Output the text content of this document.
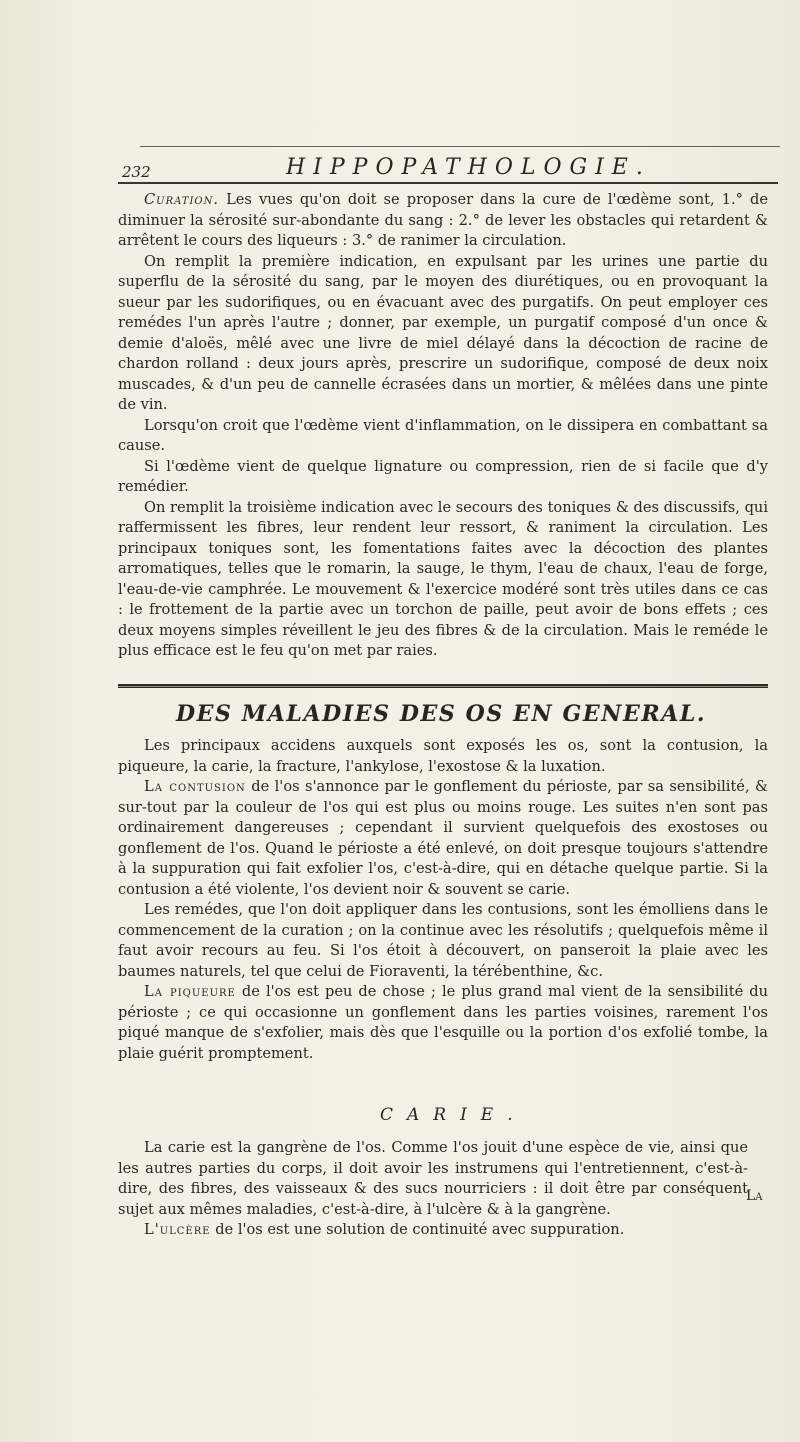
232	HIPPOPATHOLOGIE.

Curation. Les vues qu'on doit se proposer dans la cure de l'œdème sont, 1.° de diminuer la sérosité sur-abondante du sang : 2.° de lever les obstacles qui retardent & arrêtent le cours des liqueurs : 3.° de ranimer la circulation.

On remplit la première indication, en expulsant par les urines une partie du superflu de la sérosité du sang, par le moyen des diurétiques, ou en provoquant la sueur par les sudorifiques, ou en évacuant avec des purgatifs. On peut employer ces remédes l'un après l'autre ; donner, par exemple, un purgatif composé d'un once & demie d'aloës, mêlé avec une livre de miel délayé dans la décoction de racine de chardon rolland : deux jours après, prescrire un sudorifique, composé de deux noix muscades, & d'un peu de cannelle écrasées dans un mortier, & mêlées dans une pinte de vin.

Lorsqu'on croit que l'œdème vient d'inflammation, on le dissipera en combattant sa cause.

Si l'œdème vient de quelque lignature ou compression, rien de si facile que d'y remédier.

On remplit la troisième indication avec le secours des toniques & des discussifs, qui raffermissent les fibres, leur rendent leur ressort, & raniment la circulation. Les principaux toniques sont, les fomentations faites avec la décoction des plantes arromatiques, telles que le romarin, la sauge, le thym, l'eau de chaux, l'eau de forge, l'eau-de-vie camphrée. Le mouvement & l'exercice modéré sont très utiles dans ce cas : le frottement de la partie avec un torchon de paille, peut avoir de bons effets ; ces deux moyens simples réveillent le jeu des fibres & de la circulation. Mais le reméde le plus efficace est le feu qu'on met par raies.

DES MALADIES DES OS EN GENERAL.

Les principaux accidens auxquels sont exposés les os, sont la contusion, la piqueure, la carie, la fracture, l'ankylose, l'exostose & la luxation.

La contusion de l'os s'annonce par le gonflement du périoste, par sa sensibilité, & sur-tout par la couleur de l'os qui est plus ou moins rouge. Les suites n'en sont pas ordinairement dangereuses ; cependant il survient quelquefois des exostoses ou gonflement de l'os. Quand le périoste a été enlevé, on doit presque toujours s'attendre à la suppuration qui fait exfolier l'os, c'est-à-dire, qui en détache quelque partie. Si la contusion a été violente, l'os devient noir & souvent se carie.

Les remédes, que l'on doit appliquer dans les contusions, sont les émolliens dans le commencement de la curation ; on la continue avec les résolutifs ; quelquefois même il faut avoir recours au feu. Si l'os étoit à découvert, on panseroit la plaie avec les baumes naturels, tel que celui de Fioraventi, la térébenthine, &c.

La piqueure de l'os est peu de chose ; le plus grand mal vient de la sensibilité du périoste ; ce qui occasionne un gonflement dans les parties voisines, rarement l'os piqué manque de s'exfolier, mais dès que l'esquille ou la portion d'os exfolié tombe, la plaie guérit promptement.

CARIE.

La carie est la gangrène de l'os. Comme l'os jouit d'une espèce de vie, ainsi que les autres parties du corps, il doit avoir les instrumens qui l'entretiennent, c'est-à-dire, des fibres, des vaisseaux & des sucs nourriciers : il doit être par conséquent sujet aux mêmes maladies, c'est-à-dire, à l'ulcère & à la gangrène.

L'ulcère de l'os est une solution de continuité avec suppuration.

La
